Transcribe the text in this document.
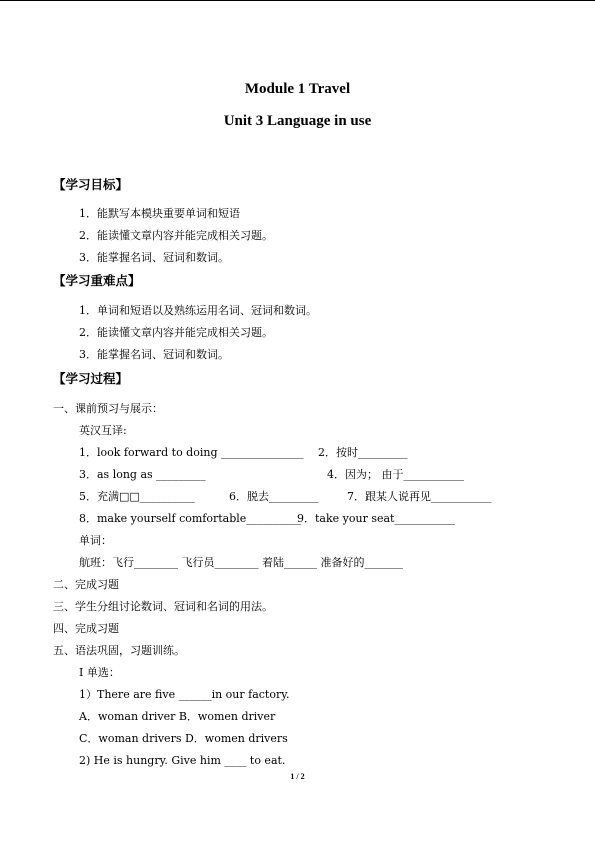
Module 1 Travel
Unit 3 Language in use
【学习目标】
1．能默写本模块重要单词和短语
2．能读懂文章内容并能完成相关习题。
3．能掌握名词、冠词和数词。
【学习重难点】
1．单词和短语以及熟练运用名词、冠词和数词。
2．能读懂文章内容并能完成相关习题。
3．能掌握名词、冠词和数词。
【学习过程】
一、课前预习与展示：
英汉互译:
1．look forward to doing _______________ 2．按时_________
3．as long as _________	4．因为； 由于___________
5．充满□□__________	6．脱去_________	7．跟某人说再见___________
8．make yourself comfortable__________
9．take your seat___________
单词：
航班：飞行________ 飞行员________ 着陆______ 准备好的_______
二、完成习题
三、学生分组讨论数词、冠词和名词的用法。
四、完成习题
五、语法巩固，习题训练。
I 单选：
1）There are five ______in our factory.
A．woman driver B．women driver
C．woman drivers D．women drivers
2) He is hungry. Give him ____ to eat.
1 / 2
